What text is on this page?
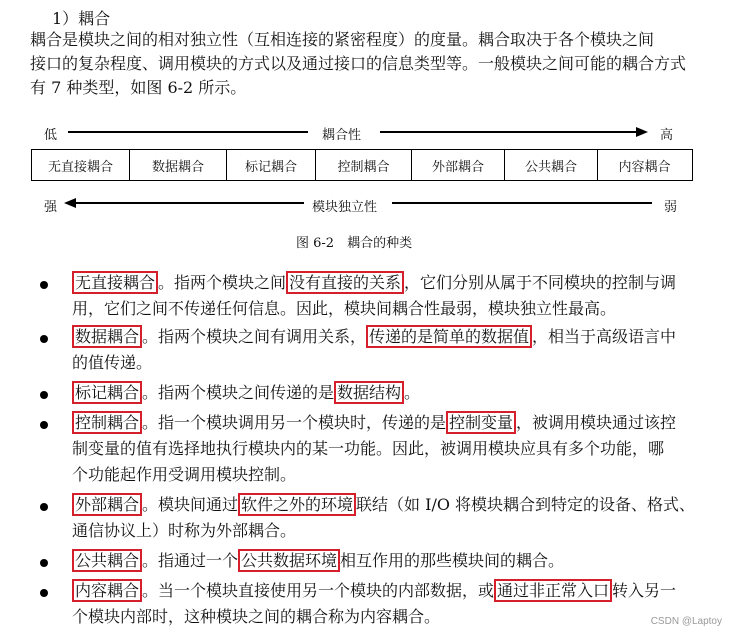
1）耦合
耦合是模块之间的相对独立性（互相连接的紧密程度）的度量。耦合取决于各个模块之间
接口的复杂程度、调用模块的方式以及通过接口的信息类型等。一般模块之间可能的耦合方式
有 7 种类型，如图 6-2 所示。
低	耦合性	高
无直接耦合	数据耦合	标记耦合	控制耦合	外部耦合	公共耦合	内容耦合
强	模块独立性	弱
图 6-2　耦合的种类
无直接耦合 。指两个模块之间 没有直接的关系 ，它们分别从属于不同模块的控制与调
用，它们之间不传递任何信息。因此，模块间耦合性最弱，模块独立性最高。
数据耦合 。指两个模块之间有调用关系， 传递的是简单的数据值 ，相当于高级语言中
的值传递。
标记耦合 。指两个模块之间传递的是 数据结构 。
控制耦合 。指一个模块调用另一个模块时，传递的是 控制变量 ，被调用模块通过该控
制变量的值有选择地执行模块内的某一功能。因此，被调用模块应具有多个功能，哪
个功能起作用受调用模块控制。
外部耦合 。模块间通过 软件之外的环境 联结（如 I/O 将模块耦合到特定的设备、格式、
通信协议上）时称为外部耦合。
公共耦合 。指通过一个 公共数据环境 相互作用的那些模块间的耦合。
内容耦合 。当一个模块直接使用另一个模块的内部数据，或 通过非正常入口 转入另一
个模块内部时，这种模块之间的耦合称为内容耦合。	CSDN @Laptoy
